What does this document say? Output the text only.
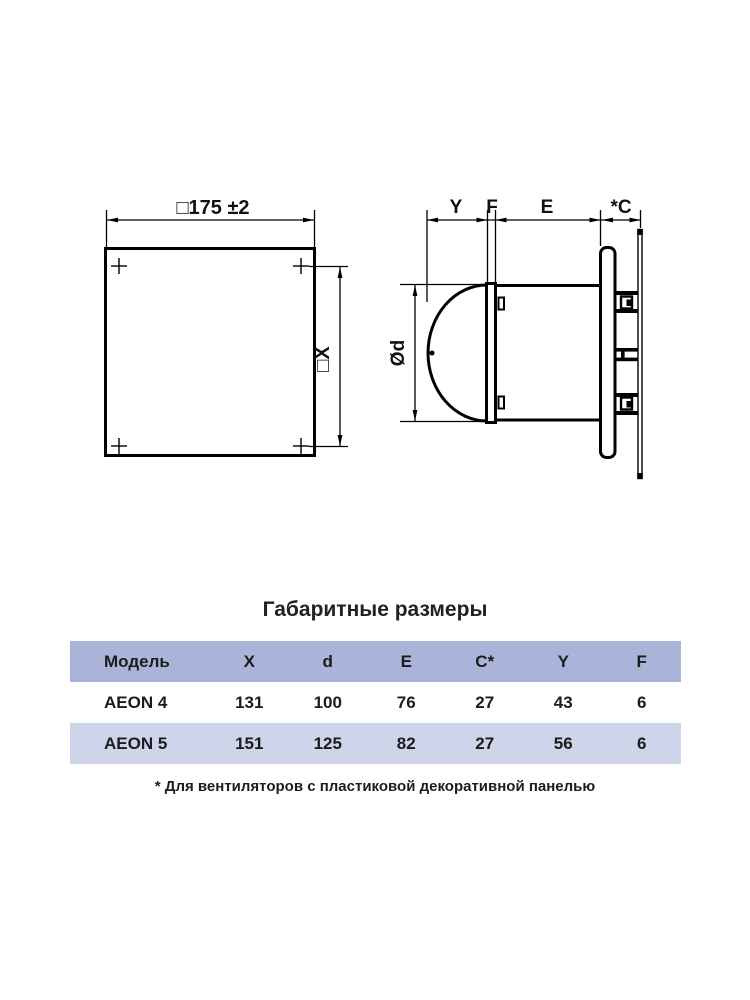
□175 ±2
□X
Y F E	*C
Ød
Габаритные размеры
Модель	X	d	E	C*	Y	F
AEON 4	131	100	76	27	43	6
AEON 5	151	125	82	27	56	6
* Для вентиляторов с пластиковой декоративной панелью
